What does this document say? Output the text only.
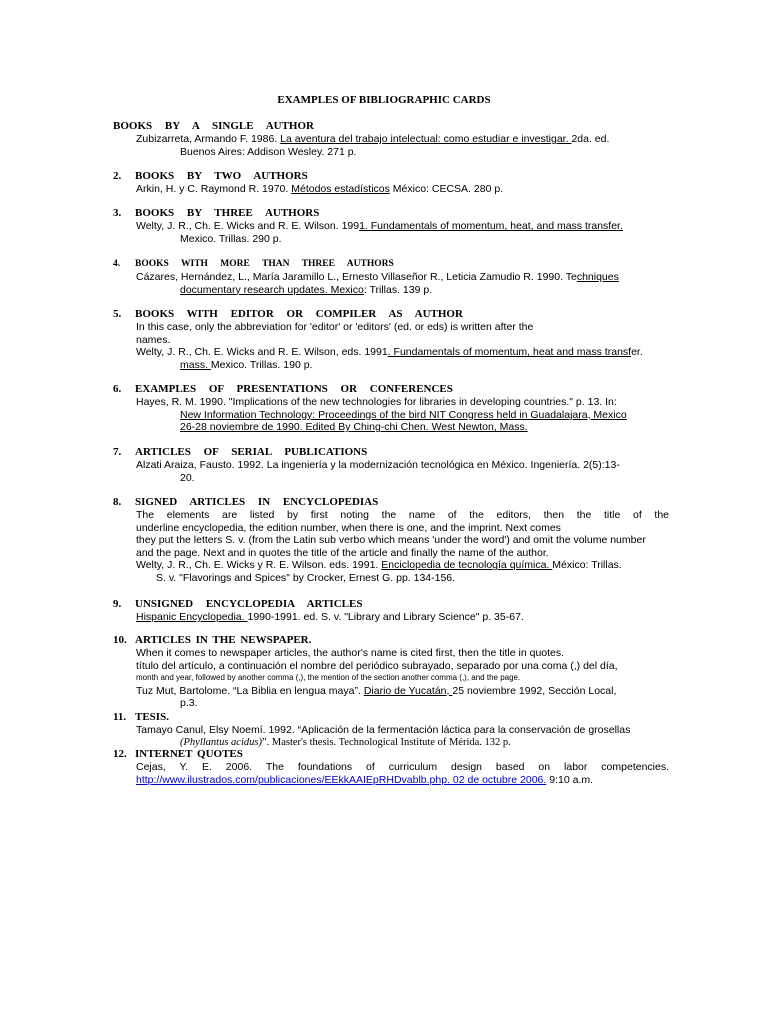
EXAMPLES OF BIBLIOGRAPHIC CARDS
BOOKS BY A SINGLE AUTHOR
Zubizarreta, Armando F. 1986. La aventura del trabajo intelectual: como estudiar e investigar. 2da. ed.
Buenos Aires: Addison Wesley. 271 p.
2. BOOKS BY TWO AUTHORS
Arkin, H. y C. Raymond R. 1970. Métodos estadísticos México: CECSA. 280 p.
3. BOOKS BY THREE AUTHORS
Welty, J. R., Ch. E. Wicks and R. E. Wilson. 1991. Fundamentals of momentum, heat, and mass transfer.
Mexico. Trillas. 290 p.
4. BOOKS WITH MORE THAN THREE AUTHORS
Cázares, Hernández, L., María Jaramillo L., Ernesto Villaseñor R., Leticia Zamudio R. 1990. Techniques
documentary research updates. Mexico: Trillas. 139 p.
5. BOOKS WITH EDITOR OR COMPILER AS AUTHOR
In this case, only the abbreviation for 'editor' or 'editors' (ed. or eds) is written after the
names.
Welty, J. R., Ch. E. Wicks and R. E. Wilson, eds. 1991. Fundamentals of momentum, heat and mass transfer.
mass. Mexico. Trillas. 190 p.
6. EXAMPLES OF PRESENTATIONS OR CONFERENCES
Hayes, R. M. 1990. "Implications of the new technologies for libraries in developing countries." p. 13. In:
New Information Technology: Proceedings of the bird NIT Congress held in Guadalajara, Mexico
26-28 noviembre de 1990. Edited By Ching-chi Chen. West Newton, Mass.
7. ARTICLES OF SERIAL PUBLICATIONS
Alzati Araiza, Fausto. 1992. La ingeniería y la modernización tecnológica en México. Ingeniería. 2(5):13-
20.
8. SIGNED ARTICLES IN ENCYCLOPEDIAS
The elements are listed by first noting the name of the editors, then the title of the
underline encyclopedia, the edition number, when there is one, and the imprint. Next comes
they put the letters S. v. (from the Latin sub verbo which means 'under the word') and omit the volume number
and the page. Next and in quotes the title of the article and finally the name of the author.
Welty, J. R., Ch. E. Wicks y R. E. Wilson. eds. 1991. Enciclopedia de tecnología química. México: Trillas.
S. v. "Flavorings and Spices" by Crocker, Ernest G. pp. 134-156.
9. UNSIGNED ENCYCLOPEDIA ARTICLES
Hispanic Encyclopedia. 1990-1991. ed. S. v. "Library and Library Science" p. 35-67.
10. ARTICLES IN THE NEWSPAPER.
When it comes to newspaper articles, the author's name is cited first, then the title in quotes.
título del artículo, a continuación el nombre del periódico subrayado, separado por una coma (,) del día,
month and year, followed by another comma (,), the mention of the section another comma (,), and the page.
Tuz Mut, Bartolome. “La Biblia en lengua maya”. Diario de Yucatán, 25 noviembre 1992, Sección Local,
p.3.
11. TESIS.
Tamayo Canul, Elsy Noemí. 1992. “Aplicación de la fermentación láctica para la conservación de grosellas
(Phyllantus acidus)”. Master's thesis. Technological Institute of Mérida. 132 p.
12. INTERNET QUOTES
Cejas, Y. E. 2006. The foundations of curriculum design based on labor competencies.
http://www.ilustrados.com/publicaciones/EEkkAAIEpRHDvablb.php. 02 de octubre 2006. 9:10 a.m.
